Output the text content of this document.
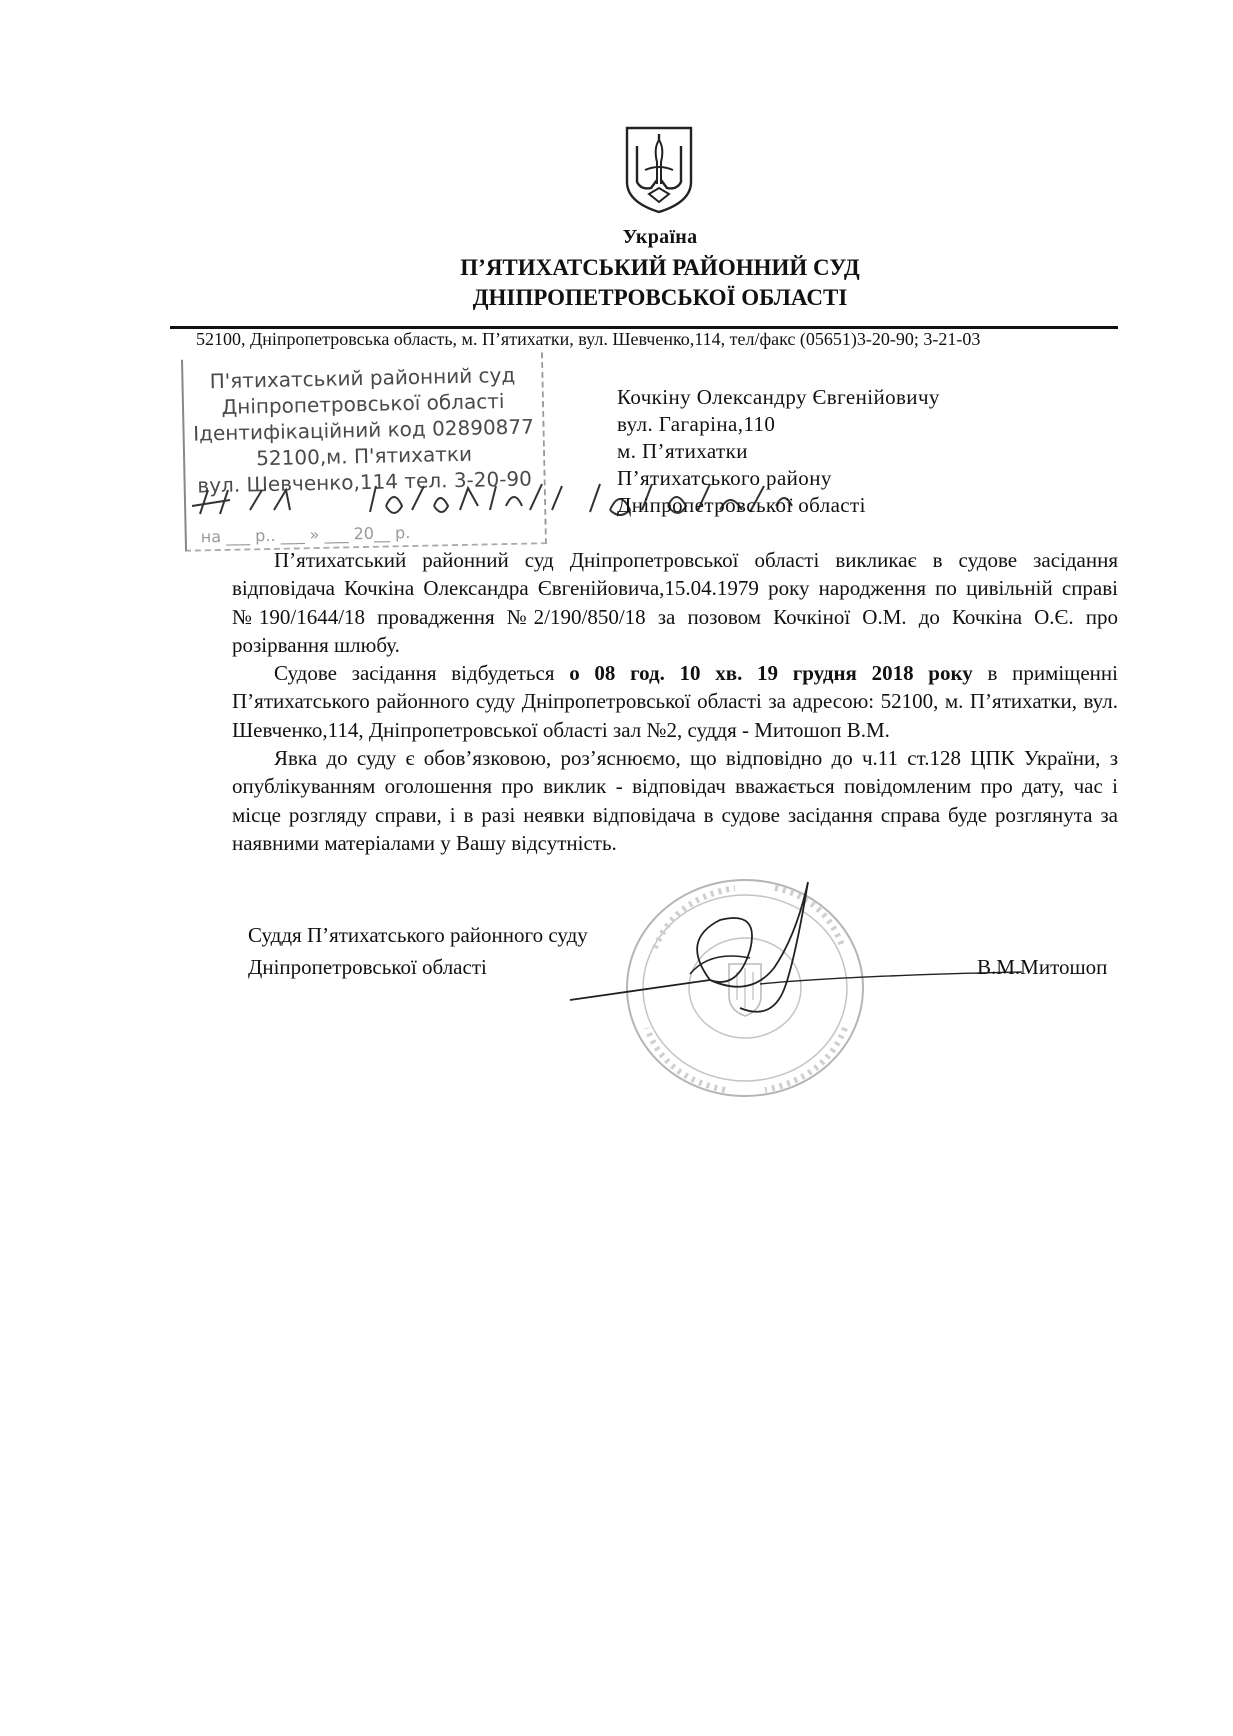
Україна
П’ЯТИХАТСЬКИЙ РАЙОННИЙ СУД
ДНІПРОПЕТРОВСЬКОЇ ОБЛАСТІ
52100, Дніпропетровська область, м. П’ятихатки, вул. Шевченко,114, тел/факс (05651)3-20-90; 3-21-03
П'ятихатський районний суд
Дніпропетровської області
Ідентифікаційний код 02890877
52100,м. П'ятихатки
вул. Шевченко,114 тел. 3-20-90
на ___ р.. ___ » ___ 20__ р.
27.11.18 190/1644/18 10338/2018
Кочкіну Олександру Євгенійовичу
вул. Гагаріна,110
м. П’ятихатки
П’ятихатського району
Дніпропетровської області

П’ятихатський районний суд Дніпропетровської області викликає в судове засідання відповідача Кочкіна Олександра Євгенійовича,15.04.1979 року народження по цивільній справі №190/1644/18 провадження №2/190/850/18 за позовом Кочкіної О.М. до Кочкіна О.Є. про розірвання шлюбу.

Судове засідання відбудеться о 08 год. 10 хв. 19 грудня 2018 року в приміщенні П’ятихатського районного суду Дніпропетровської області за адресою: 52100, м. П’ятихатки, вул. Шевченко,114, Дніпропетровської області зал №2, суддя - Митошоп В.М.

Явка до суду є обов’язковою, роз’яснюємо, що відповідно до ч.11 ст.128 ЦПК України, з опублікуванням оголошення про виклик - відповідач вважається повідомленим про дату, час і місце розгляду справи, і в разі неявки відповідача в судове засідання справа буде розглянута за наявними матеріалами у Вашу відсутність.

Суддя П’ятихатського районного суду
Дніпропетровської області	В.М.Митошоп
